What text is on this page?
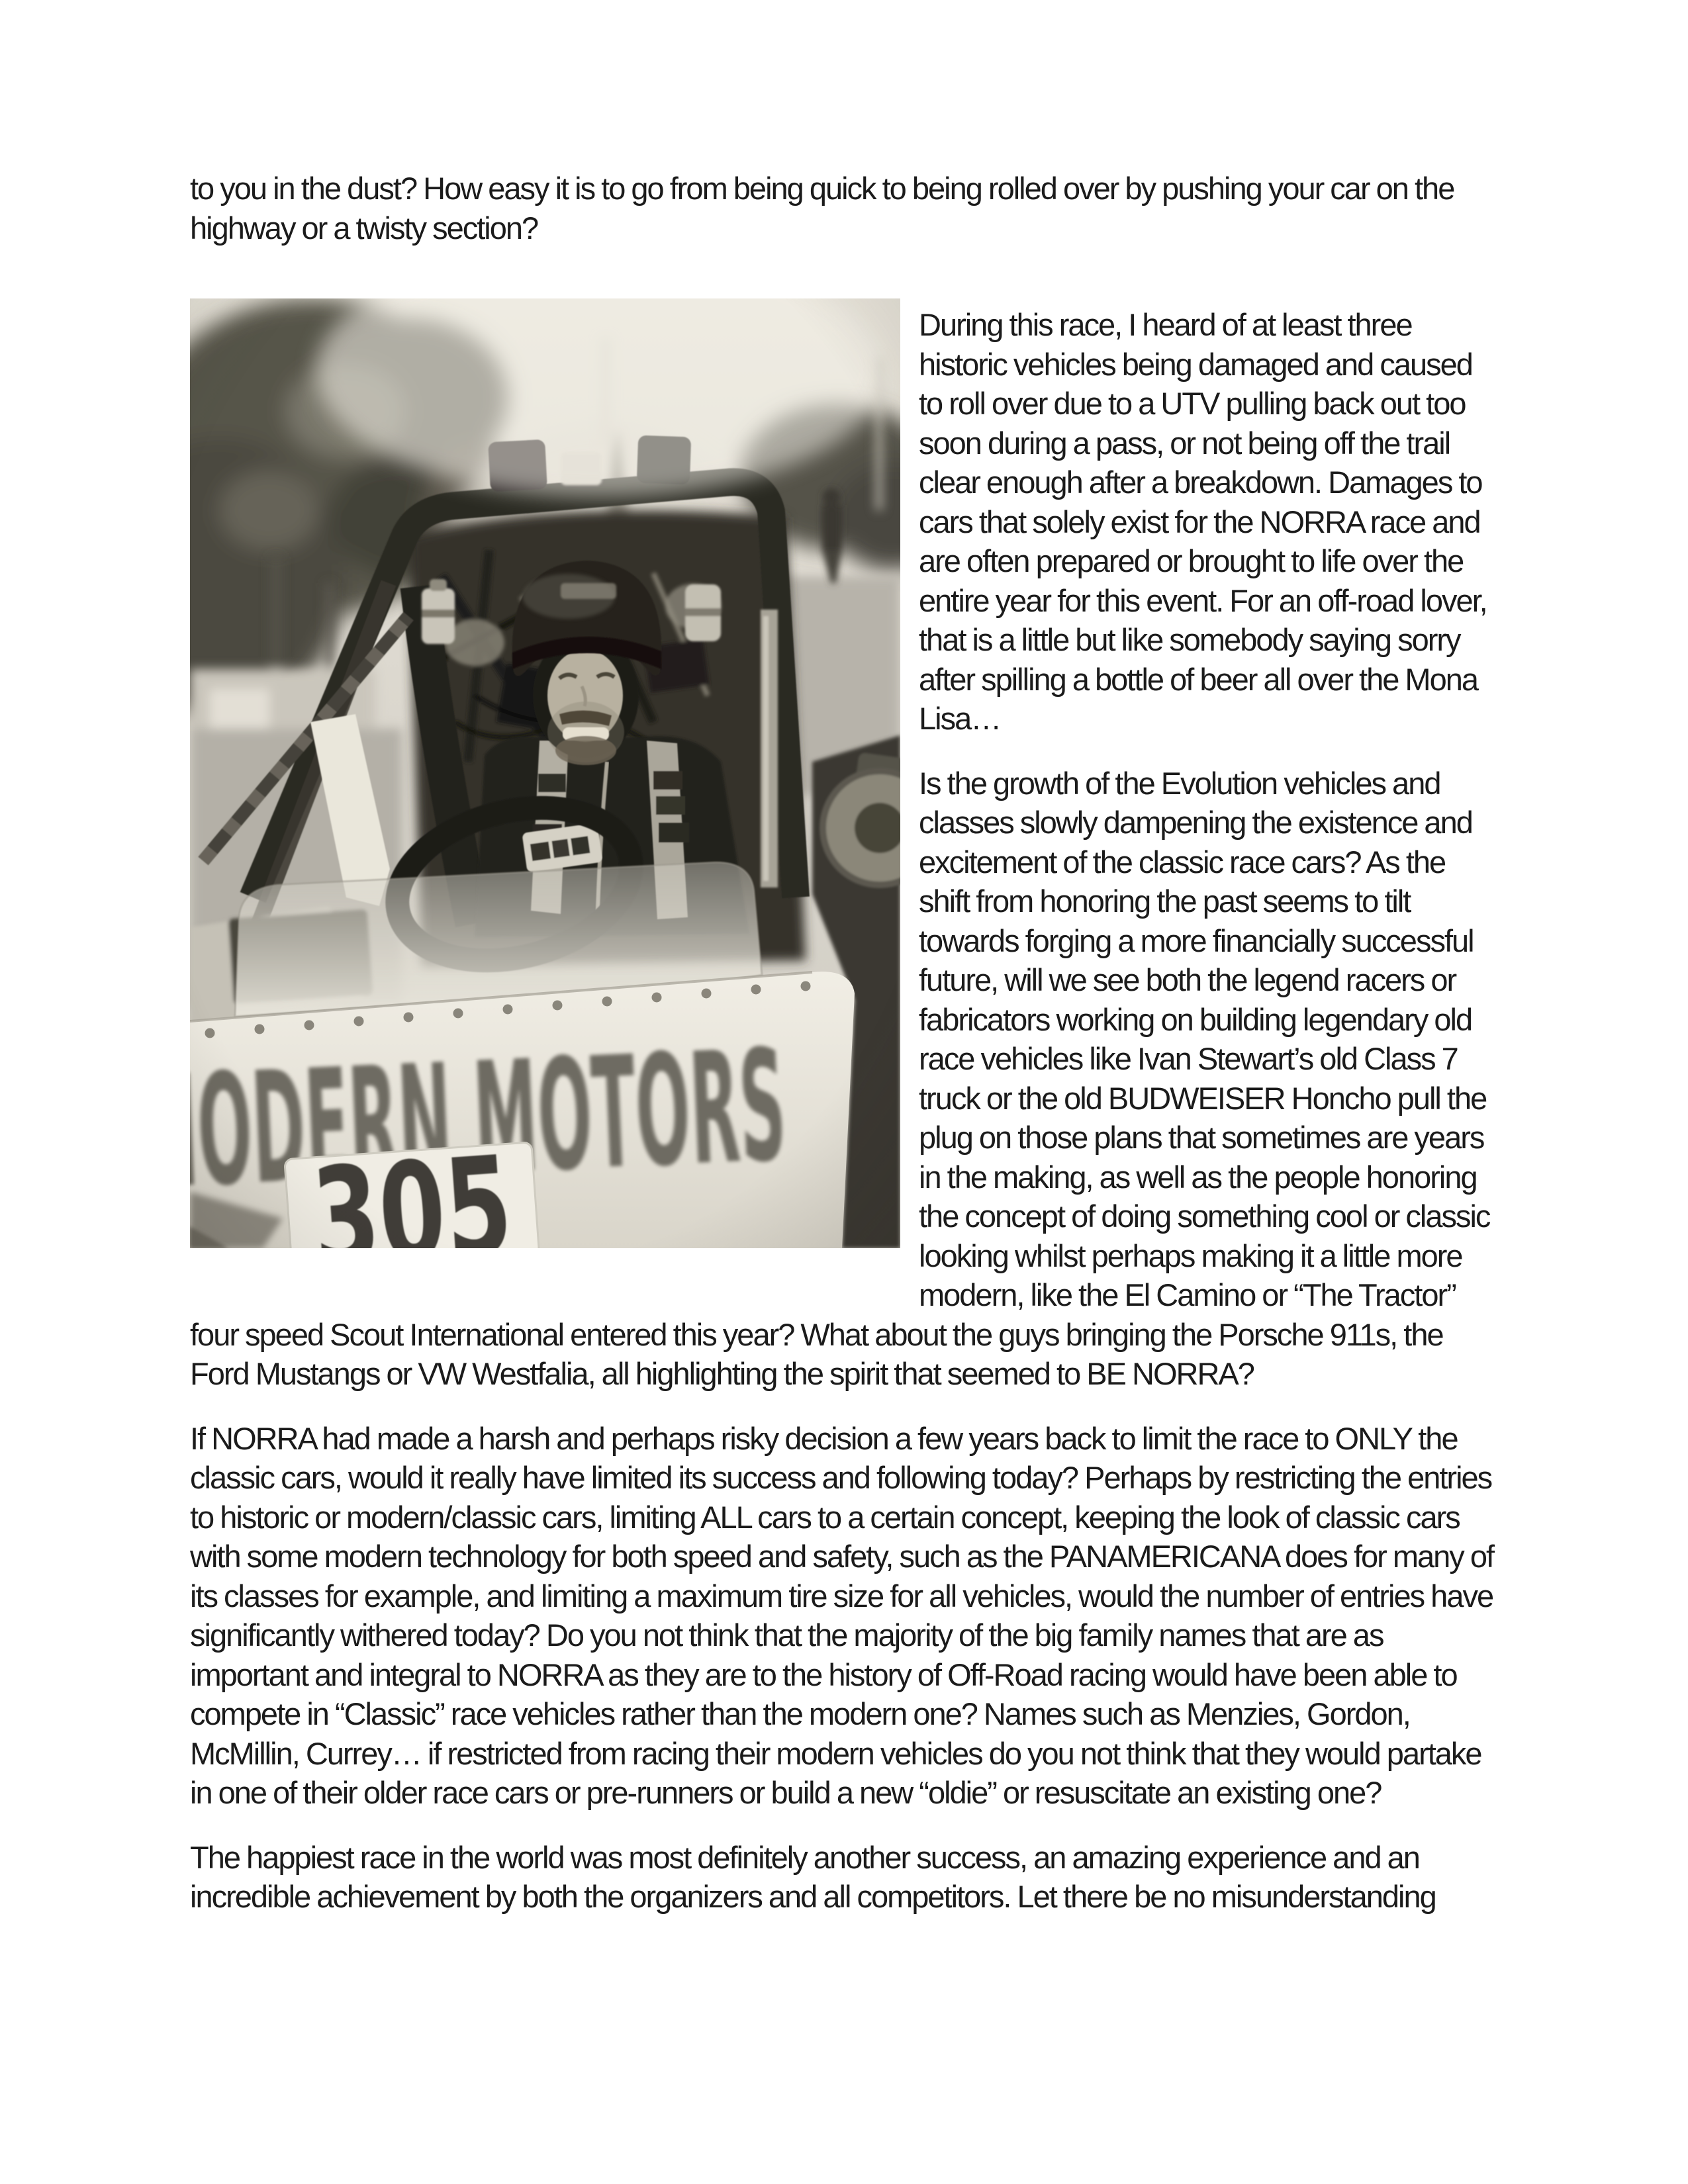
to you in the dust? How easy it is to go from being quick to being rolled over by pushing your car on the highway or a twisty section?

During this race, I heard of at least three historic vehicles being damaged and caused to roll over due to a UTV pulling back out too soon during a pass, or not being off the trail clear enough after a breakdown. Damages to cars that solely exist for the NORRA race and are often prepared or brought to life over the entire year for this event. For an off-road lover, that is a little but like somebody saying sorry after spilling a bottle of beer all over the Mona Lisa…

Is the growth of the Evolution vehicles and classes slowly dampening the existence and excitement of the classic race cars? As the shift from honoring the past seems to tilt towards forging a more financially successful future, will we see both the legend racers or fabricators working on building legendary old race vehicles like Ivan Stewart’s old Class 7 truck or the old BUDWEISER Honcho pull the plug on those plans that sometimes are years in the making, as well as the people honoring the concept of doing something cool or classic looking whilst perhaps making it a little more modern, like the El Camino or “The Tractor” four speed Scout International entered this year? What about the guys bringing the Porsche 911s, the Ford Mustangs or VW Westfalia, all highlighting the spirit that seemed to BE NORRA?

If NORRA had made a harsh and perhaps risky decision a few years back to limit the race to ONLY the classic cars, would it really have limited its success and following today? Perhaps by restricting the entries to historic or modern/classic cars, limiting ALL cars to a certain concept, keeping the look of classic cars with some modern technology for both speed and safety, such as the PANAMERICANA does for many of its classes for example, and limiting a maximum tire size for all vehicles, would the number of entries have significantly withered today? Do you not think that the majority of the big family names that are as important and integral to NORRA as they are to the history of Off-Road racing would have been able to compete in “Classic” race vehicles rather than the modern one? Names such as Menzies, Gordon, McMillin, Currey… if restricted from racing their modern vehicles do you not think that they would partake in one of their older race cars or pre-runners or build a new “oldie” or resuscitate an existing one?

The happiest race in the world was most definitely another success, an amazing experience and an incredible achievement by both the organizers and all competitors. Let there be no misunderstanding
